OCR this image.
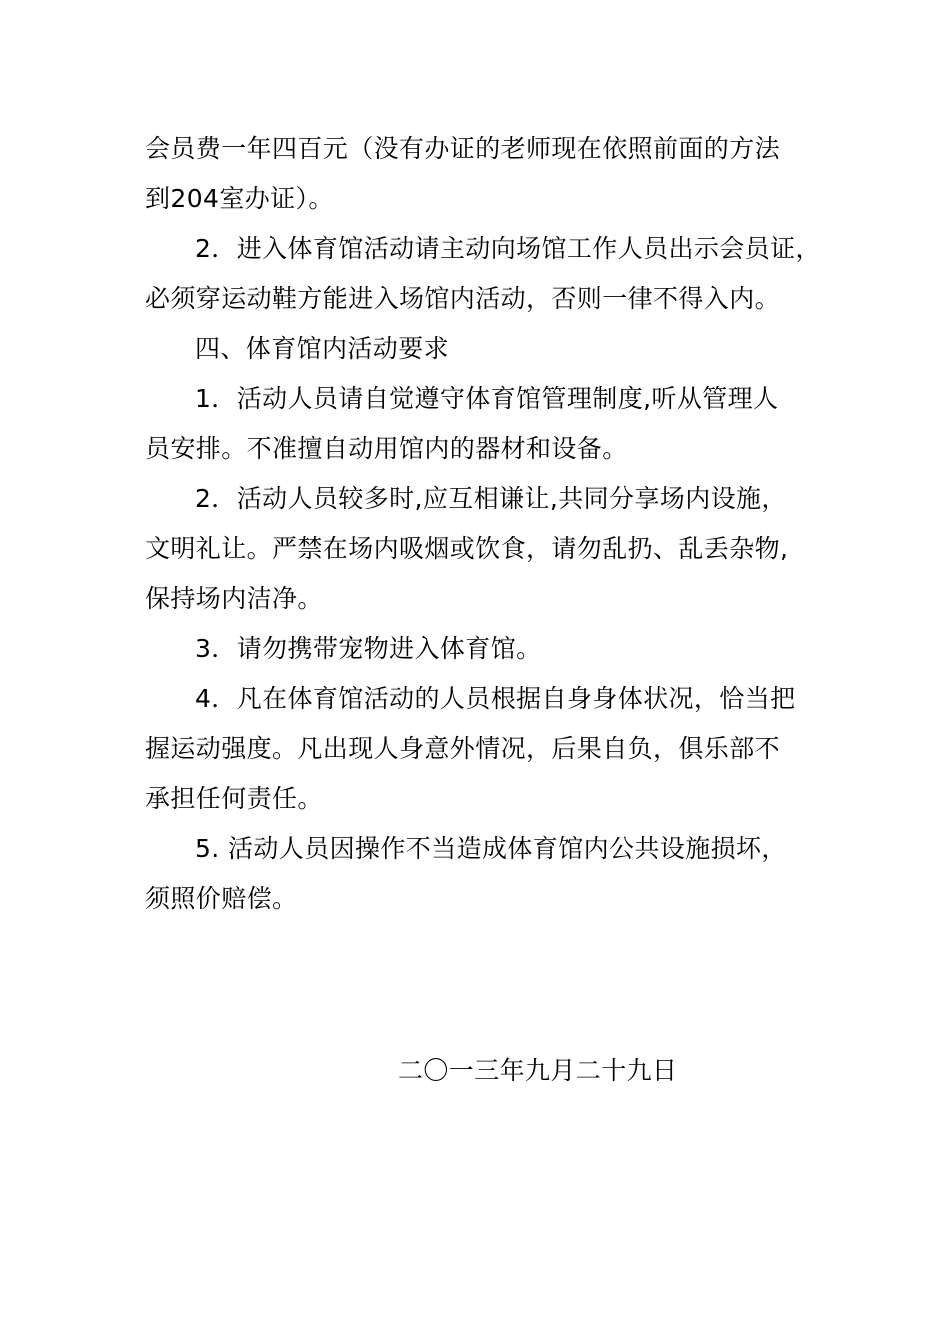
会员费一年四百元（没有办证的老师现在依照前面的方法
到204室办证）。
2．进入体育馆活动请主动向场馆工作人员出示会员证，
必须穿运动鞋方能进入场馆内活动，否则一律不得入内。
四、体育馆内活动要求
1．活动人员请自觉遵守体育馆管理制度,听从管理人
员安排。不准擅自动用馆内的器材和设备。
2．活动人员较多时,应互相谦让,共同分享场内设施，
文明礼让。严禁在场内吸烟或饮食，请勿乱扔、乱丢杂物,
保持场内洁净。
3．请勿携带宠物进入体育馆。
4．凡在体育馆活动的人员根据自身身体状况，恰当把
握运动强度。凡出现人身意外情况，后果自负，俱乐部不
承担任何责任。
5. 活动人员因操作不当造成体育馆内公共设施损坏，
须照价赔偿。
二〇一三年九月二十九日
